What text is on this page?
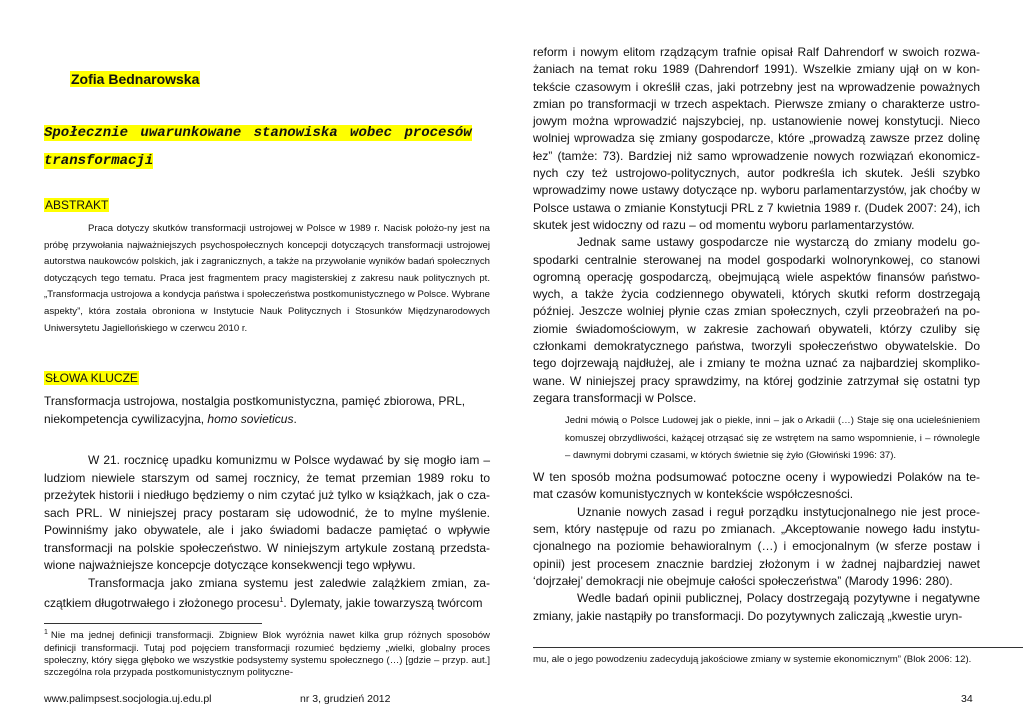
Zofia Bednarowska
Społecznie uwarunkowane stanowiska wobec procesów transformacji
ABSTRAKT
Praca dotyczy skutków transformacji ustrojowej w Polsce w 1989 r. Nacisk położo-ny jest na próbę przywołania najważniejszych psychospołecznych koncepcji dotyczących transformacji ustrojowej autorstwa naukowców polskich, jak i zagranicznych, a także na przywołanie wyników badań społecznych dotyczących tego tematu. Praca jest fragmentem pracy magisterskiej z zakresu nauk politycznych pt. „Transformacja ustrojowa a kondycja państwa i społeczeństwa postkomunistycznego w Polsce. Wybrane aspekty”, która została obroniona w Instytucie Nauk Politycznych i Stosunków Międzynarodowych Uniwersytetu Jagiellońskiego w czerwcu 2010 r.
SŁOWA KLUCZE
Transformacja ustrojowa, nostalgia postkomunistyczna, pamięć zbiorowa, PRL, niekompetencja cywilizacyjna, homo sovieticus.

W 21. rocznicę upadku komunizmu w Polsce wydawać by się mogło iam – ludziom niewiele starszym od samej rocznicy, że temat przemian 1989 roku to przeżytek historii i niedługo będziemy o nim czytać już tylko w książkach, jak o cza-sach PRL. W niniejszej pracy postaram się udowodnić, że to mylne myślenie. Powinniśmy jako obywatele, ale i jako świadomi badacze pamiętać o wpływie transformacji na polskie społeczeństwo. W niniejszym artykule zostaną przedsta-wione najważniejsze koncepcje dotyczące konsekwencji tego wpływu.

Transformacja jako zmiana systemu jest zaledwie zalążkiem zmian, za-czątkiem długotrwałego i złożonego procesu$^1$. Dylematy, jakie towarzyszą twórcom

$^1$ Nie ma jednej definicji transformacji. Zbigniew Blok wyróżnia nawet kilka grup różnych sposobów definicji transformacji. Tutaj pod pojęciem transformacji rozumieć będziemy „wielki, globalny proces społeczny, który sięga głęboko we wszystkie podsystemy systemu społecznego (…) [gdzie – przyp. aut.] szczególna rola przypada postkomunistycznym polityczne-
www.palimpsest.socjologia.uj.edu.pl	nr 3, grudzień 2012

reform i nowym elitom rządzącym trafnie opisał Ralf Dahrendorf w swoich rozwa-żaniach na temat roku 1989 (Dahrendorf 1991). Wszelkie zmiany ujął on w kon-tekście czasowym i określił czas, jaki potrzebny jest na wprowadzenie poważnych zmian po transformacji w trzech aspektach. Pierwsze zmiany o charakterze ustro-jowym można wprowadzić najszybciej, np. ustanowienie nowej konstytucji. Nieco wolniej wprowadza się zmiany gospodarcze, które „prowadzą zawsze przez dolinę łez” (tamże: 73). Bardziej niż samo wprowadzenie nowych rozwiązań ekonomicz-nych czy też ustrojowo-politycznych, autor podkreśla ich skutek. Jeśli szybko wprowadzimy nowe ustawy dotyczące np. wyboru parlamentarzystów, jak choćby w Polsce ustawa o zmianie Konstytucji PRL z 7 kwietnia 1989 r. (Dudek 2007: 24), ich skutek jest widoczny od razu – od momentu wyboru parlamentarzystów.

Jednak same ustawy gospodarcze nie wystarczą do zmiany modelu go-spodarki centralnie sterowanej na model gospodarki wolnorynkowej, co stanowi ogromną operację gospodarczą, obejmującą wiele aspektów finansów państwo-wych, a także życia codziennego obywateli, których skutki reform dostrzegają później. Jeszcze wolniej płynie czas zmian społecznych, czyli przeobrażeń na po-ziomie świadomościowym, w zakresie zachowań obywateli, którzy czuliby się członkami demokratycznego państwa, tworzyli społeczeństwo obywatelskie. Do tego dojrzewają najdłużej, ale i zmiany te można uznać za najbardziej skompliko-wane. W niniejszej pracy sprawdzimy, na której godzinie zatrzymał się ostatni typ zegara transformacji w Polsce.

Jedni mówią o Polsce Ludowej jak o piekle, inni – jak o Arkadii (…) Staje się ona ucieleśnieniem komuszej obrzydliwości, każącej otrząsać się ze wstrętem na samo wspomnienie, i – równolegle – dawnymi dobrymi czasami, w których świetnie się żyło (Głowiński 1996: 37).

W ten sposób można podsumować potoczne oceny i wypowiedzi Polaków na te-mat czasów komunistycznych w kontekście współczesności.

Uznanie nowych zasad i reguł porządku instytucjonalnego nie jest proce-sem, który następuje od razu po zmianach. „Akceptowanie nowego ładu instytu-cjonalnego na poziomie behawioralnym (…) i emocjonalnym (w sferze postaw i opinii) jest procesem znacznie bardziej złożonym i w żadnej najbardziej nawet ‘dojrzałej’ demokracji nie obejmuje całości społeczeństwa” (Marody 1996: 280).

Wedle badań opinii publicznej, Polacy dostrzegają pozytywne i negatywne zmiany, jakie nastąpiły po transformacji. Do pozytywnych zaliczają „kwestie uryn-

mu, ale o jego powodzeniu zadecydują jakościowe zmiany w systemie ekonomicznym” (Blok 2006: 12).
34
